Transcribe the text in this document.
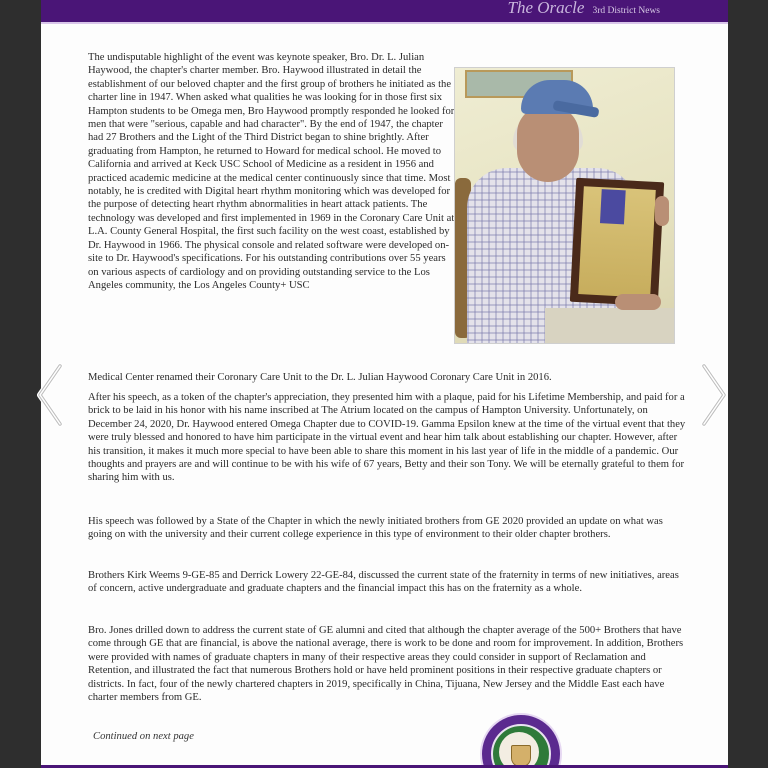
The Oracle 3rd District News
The undisputable highlight of the event was keynote speaker, Bro. Dr. L. Julian Haywood, the chapter's charter member. Bro. Haywood illustrated in detail the establishment of our beloved chapter and the first group of brothers he initiated as the charter line in 1947. When asked what qualities he was looking for in those first six Hampton students to be Omega men, Bro Haywood promptly responded he looked for men that were "serious, capable and had character". By the end of 1947, the chapter had 27 Brothers and the Light of the Third District began to shine brightly. After graduating from Hampton, he returned to Howard for medical school. He moved to California and arrived at Keck USC School of Medicine as a resident in 1956 and practiced academic medicine at the medical center continuously since that time. Most notably, he is credited with Digital heart rhythm monitoring which was developed for the purpose of detecting heart rhythm abnormalities in heart attack patients. The technology was developed and first implemented in 1969 in the Coronary Care Unit at L.A. County General Hospital, the first such facility on the west coast, established by Dr. Haywood in 1966. The physical console and related software were developed on-site to Dr. Haywood's specifications. For his outstanding contributions over 55 years on various aspects of cardiology and on providing outstanding service to the Los Angeles community, the Los Angeles County+ USC
Medical Center renamed their Coronary Care Unit to the Dr. L. Julian Haywood Coronary Care Unit in 2016.
After his speech, as a token of the chapter's appreciation, they presented him with a plaque, paid for his Lifetime Membership, and paid for a brick to be laid in his honor with his name inscribed at The Atrium located on the campus of Hampton University. Unfortunately, on December 24, 2020, Dr. Haywood entered Omega Chapter due to COVID-19. Gamma Epsilon knew at the time of the virtual event that they were truly blessed and honored to have him participate in the virtual event and hear him talk about establishing our chapter. However, after his transition, it makes it much more special to have been able to share this moment in his last year of life in the middle of a pandemic. Our thoughts and prayers are and will continue to be with his wife of 67 years, Betty and their son Tony. We will be eternally grateful to them for sharing him with us.
His speech was followed by a State of the Chapter in which the newly initiated brothers from GE 2020 provided an update on what was going on with the university and their current college experience in this type of environment to their older chapter brothers.
Brothers Kirk Weems 9-GE-85 and Derrick Lowery 22-GE-84, discussed the current state of the fraternity in terms of new initiatives, areas of concern, active undergraduate and graduate chapters and the financial impact this has on the fraternity as a whole.
Bro. Jones drilled down to address the current state of GE alumni and cited that although the chapter average of the 500+ Brothers that have come through GE that are financial, is above the national average, there is work to be done and room for improvement. In addition, Brothers were provided with names of graduate chapters in many of their respective areas they could consider in support of Reclamation and Retention, and illustrated the fact that numerous Brothers hold or have held prominent positions in their respective graduate chapters or districts. In fact, four of the newly chartered chapters in 2019, specifically in China, Tijuana, New Jersey and the Middle East each have charter members from GE.
Continued on next page
